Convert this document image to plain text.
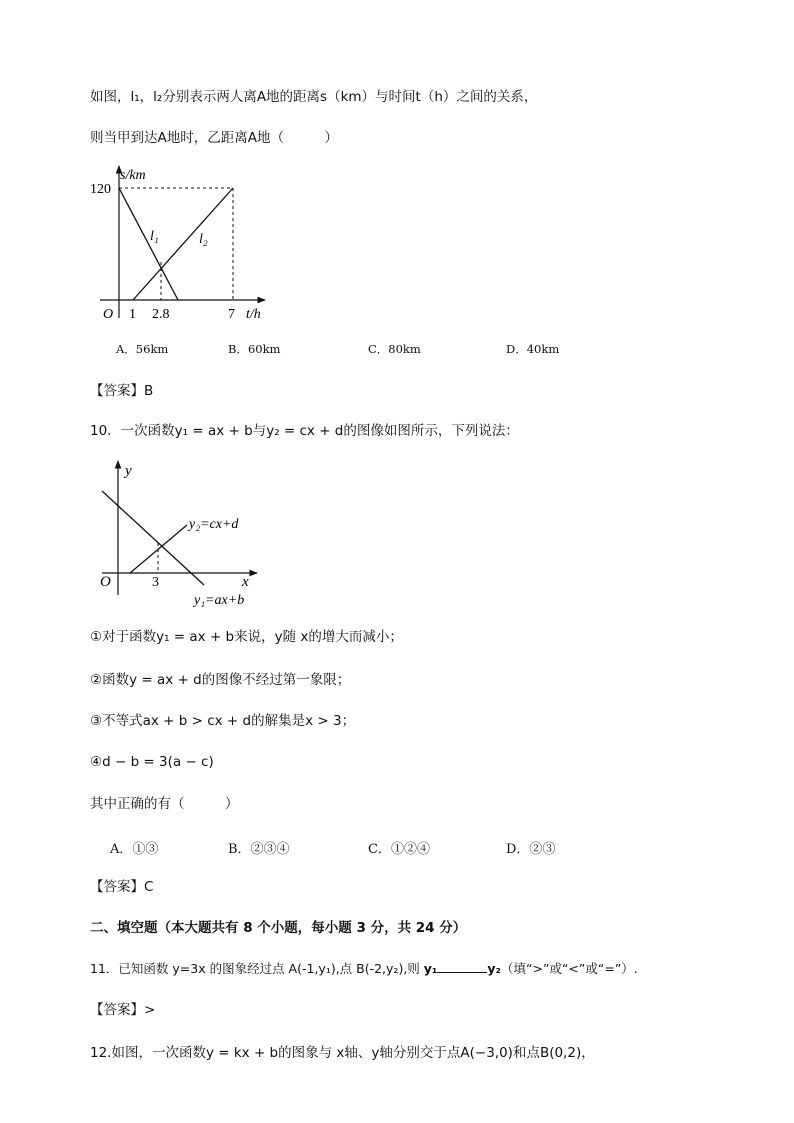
如图，l₁，l₂分别表示两人离A地的距离s（km）与时间t（h）之间的关系，
则当甲到达A地时，乙距离A地（　　　）
s/km
120
O 1 2.8	7 t/h
l₁	l₂
A．56km	B．60km	C．80km	D．40km
【答案】B
10．一次函数y₁ = ax + b与y₂ = cx + d的图像如图所示，下列说法：
y
O	3	x
y₂=cx+d
y₁=ax+b
①对于函数y₁ = ax + b来说，y随 x的增大而减小；
②函数y = ax + d的图像不经过第一象限；
③不等式ax + b > cx + d的解集是x > 3；
④d − b = 3(a − c)
其中正确的有（　　　）
A．①③	B．②③④	C．①②④	D．②③
【答案】C
二、填空题（本大题共有 8 个小题，每小题 3 分，共 24 分）
11．已知函数 y=3x 的图象经过点 A(-1,y₁),点 B(-2,y₂),则 y₁	y₂（填“>”或“<”或“=”）.
【答案】>
12.如图，一次函数y = kx + b的图象与 x轴、y轴分别交于点A(−3,0)和点B(0,2)，
